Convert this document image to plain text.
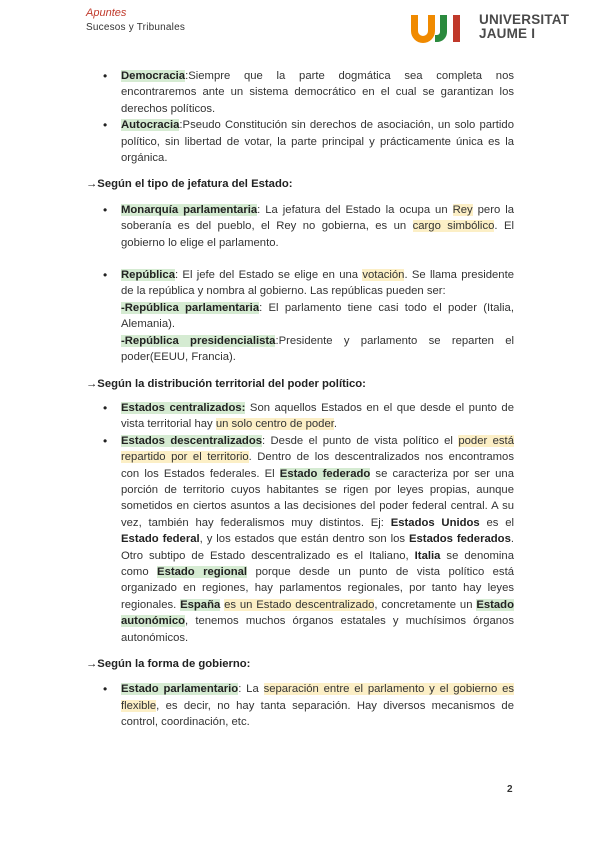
Apuntes
Sucesos y Tribunales
UNIVERSITAT
JAUME I
• Democracia:Siempre que la parte dogmática sea completa nos encontraremos ante un sistema democrático en el cual se garantizan los derechos políticos.
• Autocracia:Pseudo Constitución sin derechos de asociación, un solo partido político, sin libertad de votar, la parte principal y prácticamente única es la orgánica.
→Según el tipo de jefatura del Estado:
• Monarquía parlamentaria: La jefatura del Estado la ocupa un Rey pero la soberanía es del pueblo, el Rey no gobierna, es un cargo simbólico. El gobierno lo elige el parlamento.
• República: El jefe del Estado se elige en una votación. Se llama presidente de la república y nombra al gobierno. Las repúblicas pueden ser:
-República parlamentaria: El parlamento tiene casi todo el poder (Italia, Alemania).
-República presidencialista:Presidente y parlamento se reparten el poder(EEUU, Francia).
→Según la distribución territorial del poder político:
• Estados centralizados: Son aquellos Estados en el que desde el punto de vista territorial hay un solo centro de poder.
• Estados descentralizados: Desde el punto de vista político el poder está repartido por el territorio. Dentro de los descentralizados nos encontramos con los Estados federales. El Estado federado se caracteriza por ser una porción de territorio cuyos habitantes se rigen por leyes propias, aunque sometidos en ciertos asuntos a las decisiones del poder federal central. A su vez, también hay federalismos muy distintos. Ej: Estados Unidos es el Estado federal, y los estados que están dentro son los Estados federados. Otro subtipo de Estado descentralizado es el Italiano, Italia se denomina como Estado regional porque desde un punto de vista político está organizado en regiones, hay parlamentos regionales, por tanto hay leyes regionales. España es un Estado descentralizado, concretamente un Estado autonómico, tenemos muchos órganos estatales y muchísimos órganos autonómicos.
→Según la forma de gobierno:
• Estado parlamentario: La separación entre el parlamento y el gobierno es flexible, es decir, no hay tanta separación. Hay diversos mecanismos de control, coordinación, etc.
2
